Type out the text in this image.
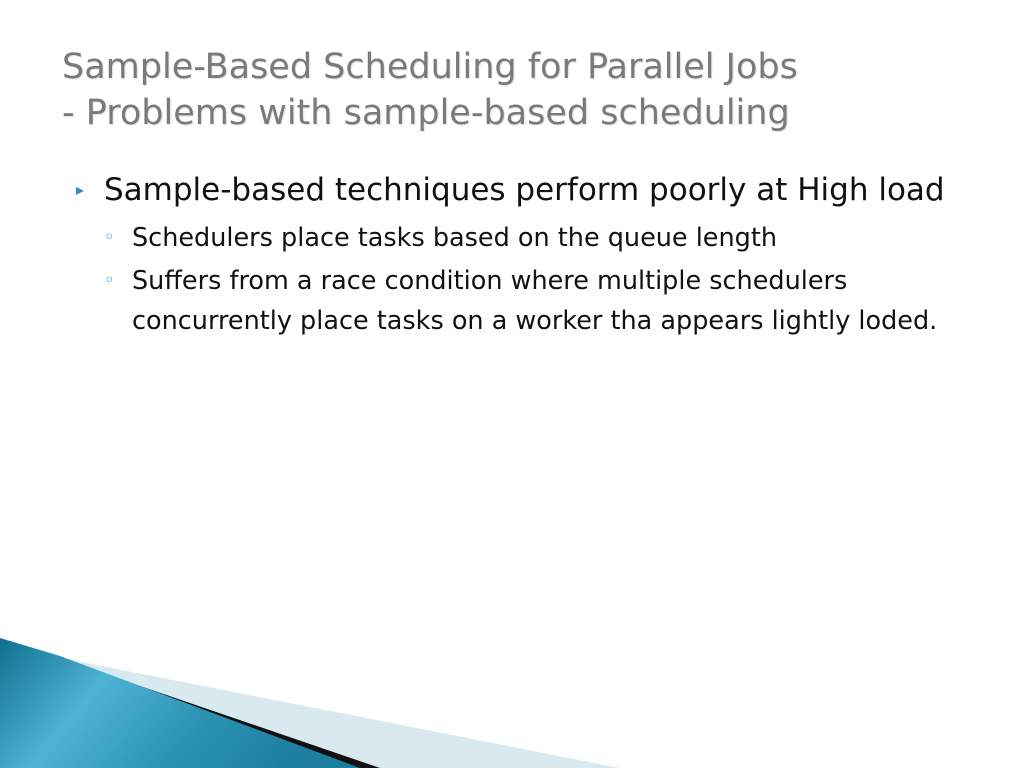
Sample-Based Scheduling for Parallel Jobs
- Problems with sample-based scheduling
▸ Sample-based techniques perform poorly at High load
◦ Schedulers place tasks based on the queue length
◦ Suffers from a race condition where multiple schedulers concurrently place tasks on a worker tha appears lightly loded.
